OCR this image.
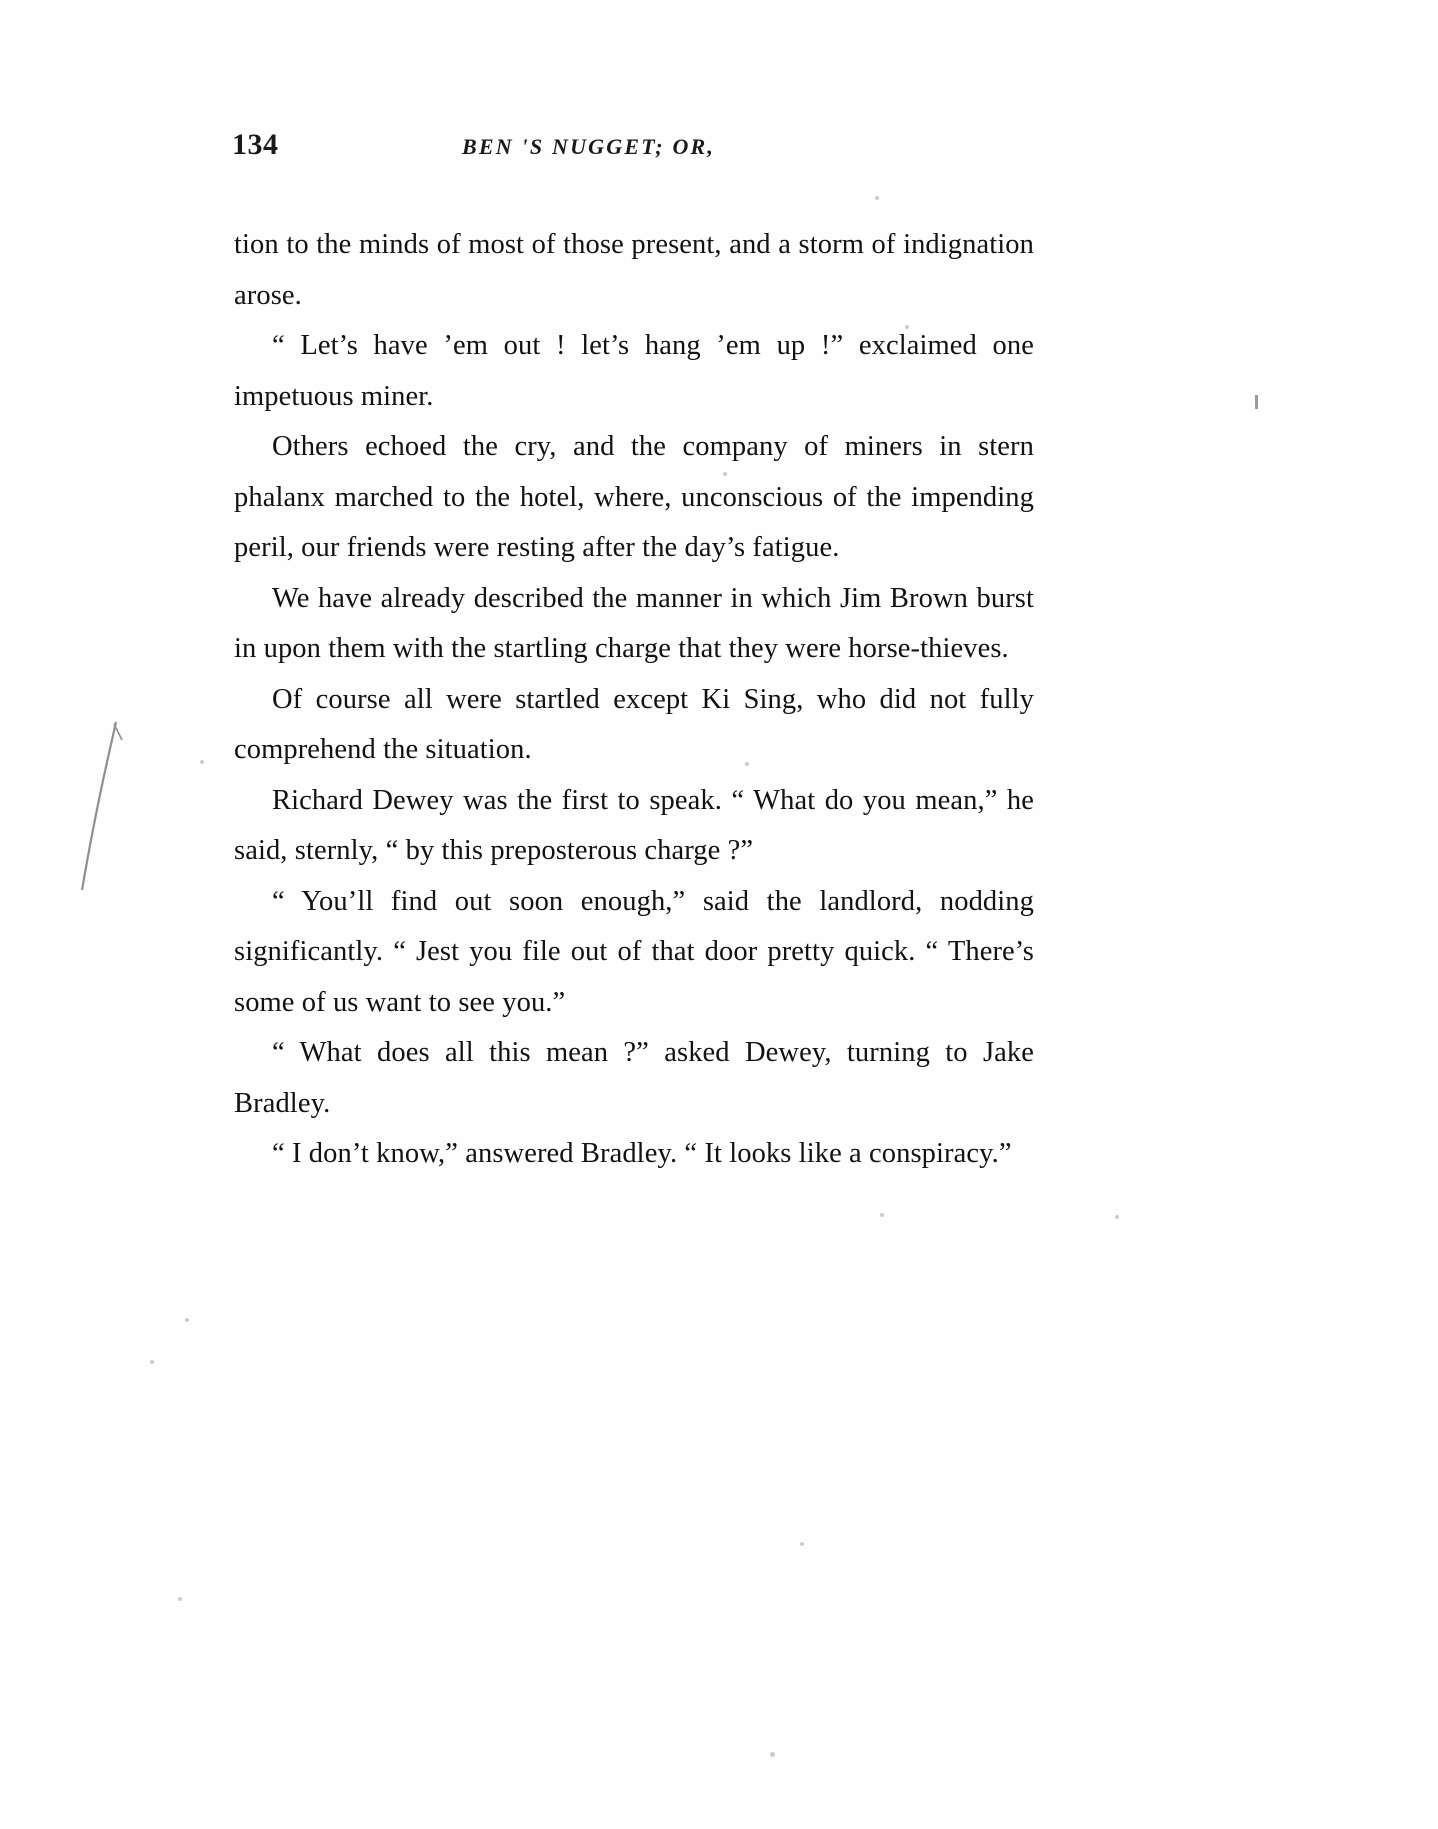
134	BEN 'S NUGGET; OR,

tion to the minds of most of those present, and a storm of indignation arose.

“ Let’s have ’em out ! let’s hang ’em up !” exclaimed one impetuous miner.

Others echoed the cry, and the company of miners in stern phalanx marched to the hotel, where, unconscious of the impending peril, our friends were resting after the day’s fatigue.

We have already described the manner in which Jim Brown burst in upon them with the startling charge that they were horse-thieves.

Of course all were startled except Ki Sing, who did not fully comprehend the situation.

Richard Dewey was the first to speak. “ What do you mean,” he said, sternly, “ by this preposterous charge ?”

“ You’ll find out soon enough,” said the landlord, nodding significantly. “ Jest you file out of that door pretty quick. “ There’s some of us want to see you.”

“ What does all this mean ?” asked Dewey, turning to Jake Bradley.

“ I don’t know,” answered Bradley. “ It looks like a conspiracy.”
